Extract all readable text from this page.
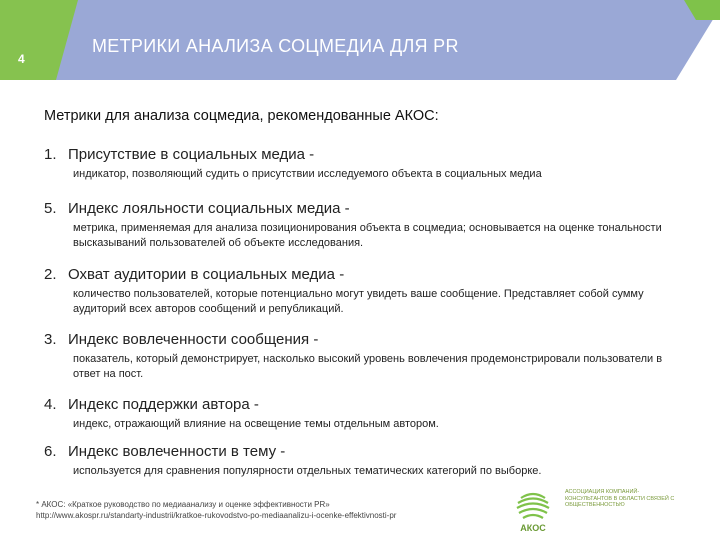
4
МЕТРИКИ АНАЛИЗА СОЦМЕДИА ДЛЯ PR
Метрики для анализа соцмедиа, рекомендованные АКОС:
1. Присутствие в социальных медиа -
индикатор, позволяющий судить о присутствии исследуемого объекта в социальных медиа
5. Индекс лояльности социальных медиа -
метрика, применяемая для анализа позиционирования объекта в соцмедиа; основывается на оценке тональности высказываний пользователей об объекте исследования.
2. Охват аудитории в социальных медиа -
количество пользователей, которые потенциально могут увидеть ваше сообщение. Представляет собой сумму аудиторий всех авторов сообщений и републикаций.
3. Индекс вовлеченности сообщения -
показатель, который демонстрирует, насколько высокий уровень вовлечения продемонстрировали пользователи в ответ на пост.
4. Индекс поддержки автора -
индекс, отражающий влияние на освещение темы отдельным автором.
6. Индекс вовлеченности в тему -
используется для сравнения популярности отдельных тематических категорий по выборке.
* АКОС: «Краткое руководство по медиаанализу и оценке эффективности PR»
http://www.akospr.ru/standarty-industrii/kratkoe-rukovodstvo-po-mediaanalizu-i-ocenke-effektivnosti-pr
АКОС
АССОЦИАЦИЯ КОМПАНИЙ-КОНСУЛЬТАНТОВ В ОБЛАСТИ СВЯЗЕЙ С ОБЩЕСТВЕННОСТЬЮ
